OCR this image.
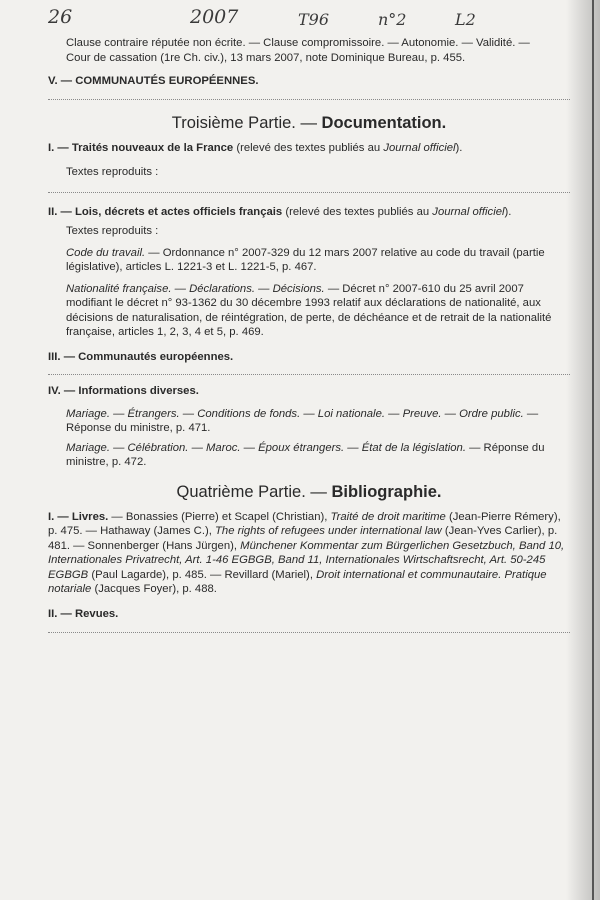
26	2007	T96	n°2	L2

Clause contraire réputée non écrite. — Clause compromissoire. — Autonomie. — Validité. —
Cour de cassation (1re Ch. civ.), 13 mars 2007, note Dominique Bureau, p. 455.

V. — COMMUNAUTÉS EUROPÉENNES.

Troisième Partie. — Documentation.

I. — Traités nouveaux de la France (relevé des textes publiés au Journal officiel).

Textes reproduits :

II. — Lois, décrets et actes officiels français (relevé des textes publiés au Journal officiel).

Textes reproduits :

Code du travail. — Ordonnance n° 2007-329 du 12 mars 2007 relative au code du travail (partie législative), articles L. 1221-3 et L. 1221-5, p. 467.

Nationalité française. — Déclarations. — Décisions. — Décret n° 2007-610 du 25 avril 2007 modifiant le décret n° 93-1362 du 30 décembre 1993 relatif aux déclarations de nationalité, aux décisions de naturalisation, de réintégration, de perte, de déchéance et de retrait de la nationalité française, articles 1, 2, 3, 4 et 5, p. 469.

III. — Communautés européennes.

IV. — Informations diverses.

Mariage. — Étrangers. — Conditions de fonds. — Loi nationale. — Preuve. — Ordre public. — Réponse du ministre, p. 471.

Mariage. — Célébration. — Maroc. — Époux étrangers. — État de la législation. — Réponse du ministre, p. 472.

Quatrième Partie. — Bibliographie.

I. — Livres. — Bonassies (Pierre) et Scapel (Christian), Traité de droit maritime (Jean-Pierre Rémery), p. 475. — Hathaway (James C.), The rights of refugees under international law (Jean-Yves Carlier), p. 481. — Sonnenberger (Hans Jürgen), Münchener Kommentar zum Bürgerlichen Gesetzbuch, Band 10, Internationales Privatrecht, Art. 1-46 EGBGB, Band 11, Internationales Wirtschaftsrecht, Art. 50-245 EGBGB (Paul Lagarde), p. 485. — Revillard (Mariel), Droit international et communautaire. Pratique notariale (Jacques Foyer), p. 488.

II. — Revues.
